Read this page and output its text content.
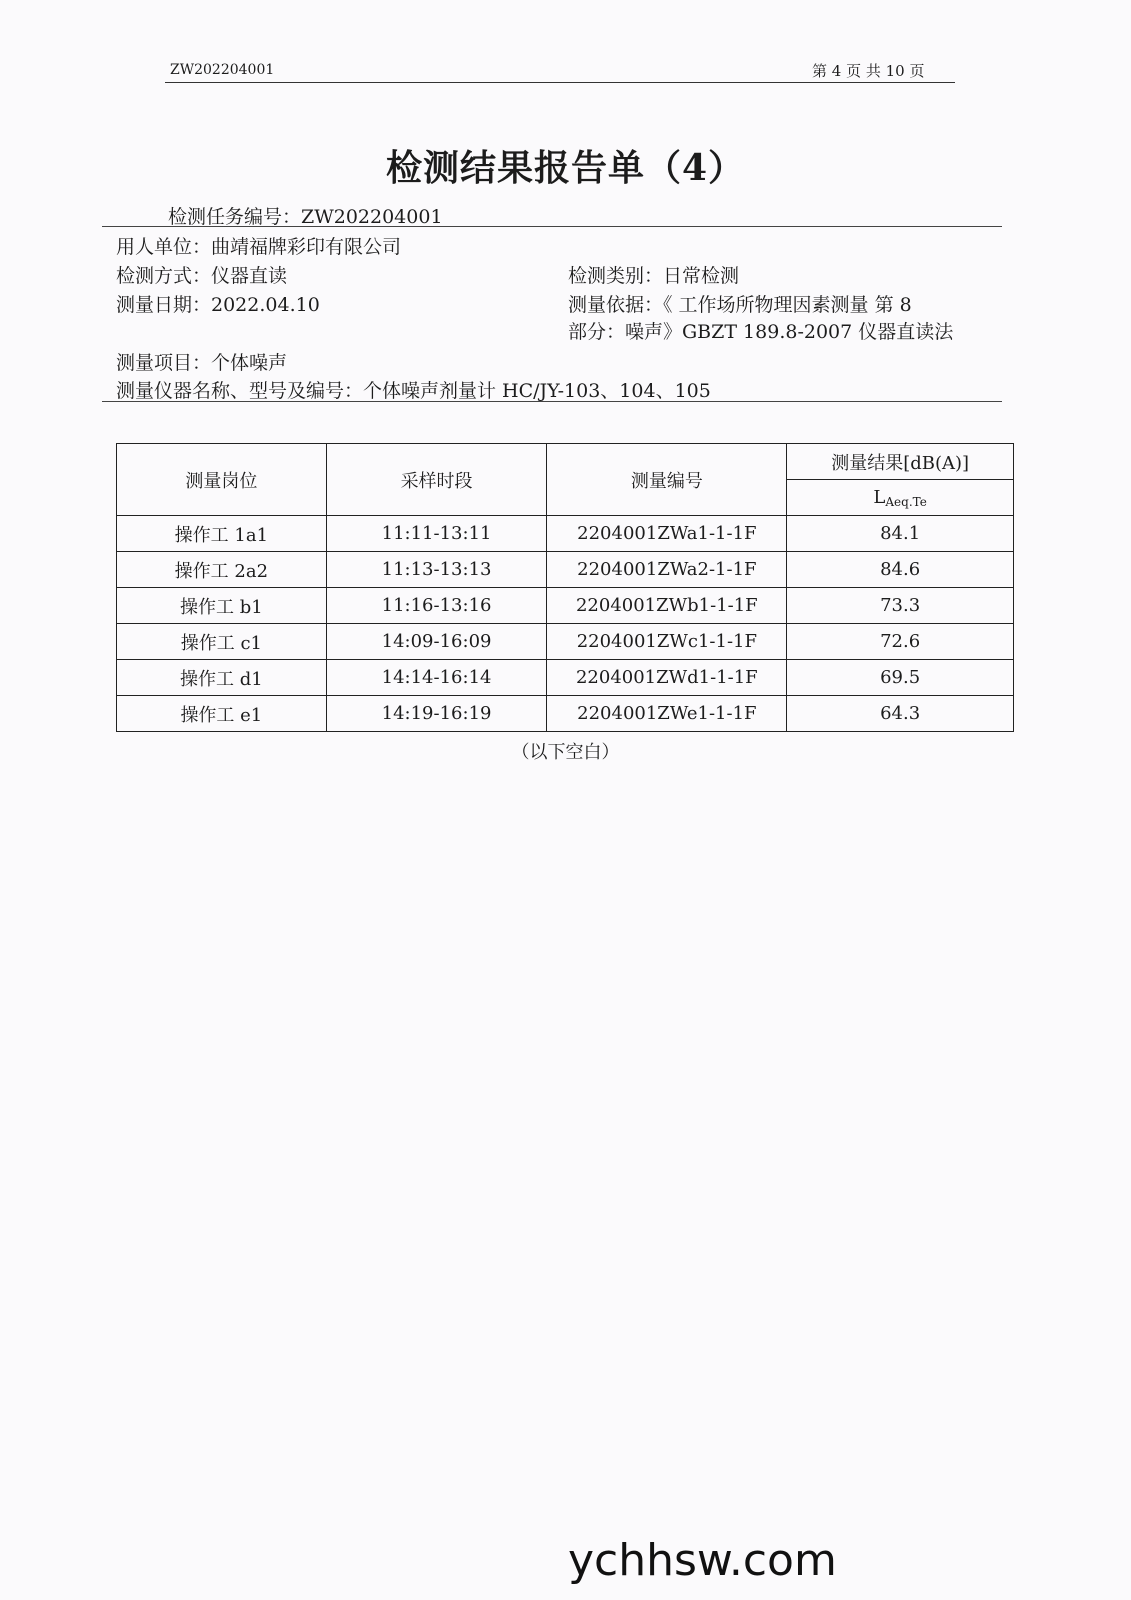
ZW202204001	第 4 页 共 10 页
检测结果报告单（4）
检测任务编号：ZW202204001
用人单位：曲靖福牌彩印有限公司
检测方式：仪器直读	检测类别：日常检测
测量日期：2022.04.10	测量依据：《 工作场所物理因素测量 第 8
部分：噪声》GBZT 189.8-2007 仪器直读法
测量项目：个体噪声
测量仪器名称、型号及编号：个体噪声剂量计 HC/JY-103、104、105
测量岗位	采样时段	测量编号	测量结果[dB(A)]
			$L_{Aeq.Te}$
操作工 1a1	11:11-13:11	2204001ZWa1-1-1F	84.1
操作工 2a2	11:13-13:13	2204001ZWa2-1-1F	84.6
操作工 b1	11:16-13:16	2204001ZWb1-1-1F	73.3
操作工 c1	14:09-16:09	2204001ZWc1-1-1F	72.6
操作工 d1	14:14-16:14	2204001ZWd1-1-1F	69.5
操作工 e1	14:19-16:19	2204001ZWe1-1-1F	64.3
（以下空白）
ychhsw.com
